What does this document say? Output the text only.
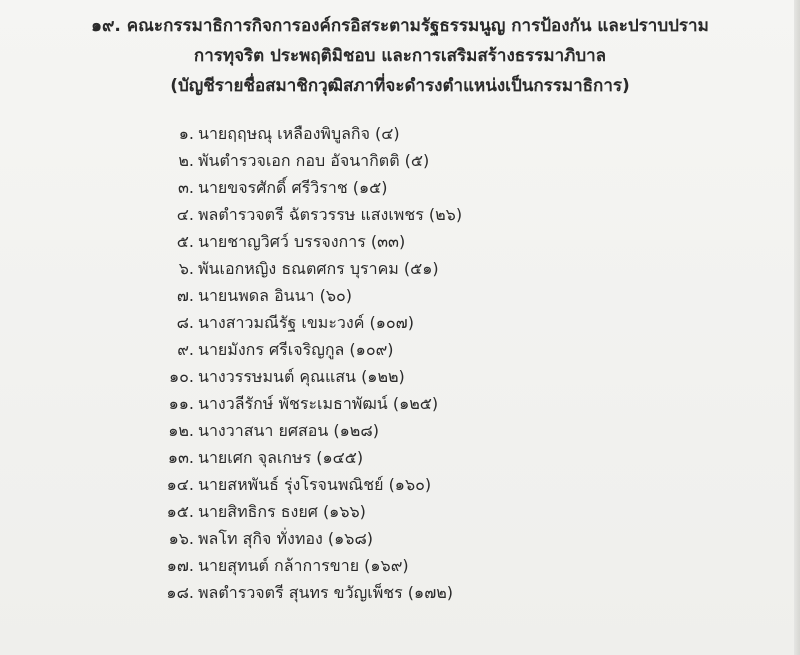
๑๙. คณะกรรมาธิการกิจการองค์กรอิสระตามรัฐธรรมนูญ การป้องกัน และปราบปราม
การทุจริต ประพฤติมิชอบ และการเสริมสร้างธรรมาภิบาล
(บัญชีรายชื่อสมาชิกวุฒิสภาที่จะดำรงตำแหน่งเป็นกรรมาธิการ)
๑. นายฤฤษณุ เหลืองพิบูลกิจ (๔)
๒. พันตำรวจเอก กอบ อัจนากิตติ (๕)
๓. นายขจรศักดิ์ ศรีวิราช (๑๕)
๔. พลตำรวจตรี ฉัตรวรรษ แสงเพชร (๒๖)
๕. นายชาญวิศว์ บรรจงการ (๓๓)
๖. พันเอกหญิง ธณตศกร บุราคม (๕๑)
๗. นายนพดล อินนา (๖๐)
๘. นางสาวมณีรัฐ เขมะวงค์ (๑๐๗)
๙. นายมังกร ศรีเจริญกูล (๑๐๙)
๑๐. นางวรรษมนต์ คุณแสน (๑๒๒)
๑๑. นางวลีรักษ์ พัชระเมธาพัฒน์ (๑๒๕)
๑๒. นางวาสนา ยศสอน (๑๒๘)
๑๓. นายเศก จุลเกษร (๑๔๕)
๑๔. นายสหพันธ์ รุ่งโรจนพณิชย์ (๑๖๐)
๑๕. นายสิทธิกร ธงยศ (๑๖๖)
๑๖. พลโท สุกิจ ทั่งทอง (๑๖๘)
๑๗. นายสุทนต์ กล้าการขาย (๑๖๙)
๑๘. พลตำรวจตรี สุนทร ขวัญเพ็ชร (๑๗๒)
